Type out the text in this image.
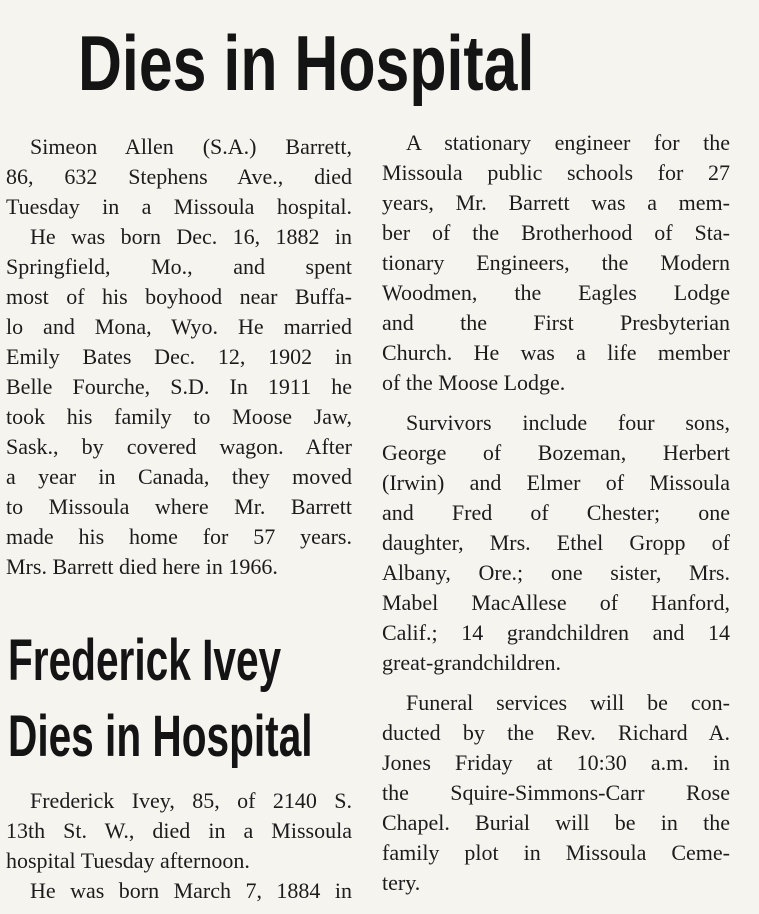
Dies in Hospital
Simeon Allen (S.A.) Barrett,
86, 632 Stephens Ave., died
Tuesday in a Missoula hospital.
He was born Dec. 16, 1882 in
Springfield, Mo., and spent
most of his boyhood near Buffa-
lo and Mona, Wyo. He married
Emily Bates Dec. 12, 1902 in
Belle Fourche, S.D. In 1911 he
took his family to Moose Jaw,
Sask., by covered wagon. After
a year in Canada, they moved
to Missoula where Mr. Barrett
made his home for 57 years.
Mrs. Barrett died here in 1966.
A stationary engineer for the
Missoula public schools for 27
years, Mr. Barrett was a mem-
ber of the Brotherhood of Sta-
tionary Engineers, the Modern
Woodmen, the Eagles Lodge
and the First Presbyterian
Church. He was a life member
of the Moose Lodge.
Survivors include four sons,
George of Bozeman, Herbert
(Irwin) and Elmer of Missoula
and Fred of Chester; one
daughter, Mrs. Ethel Gropp of
Albany, Ore.; one sister, Mrs.
Mabel MacAllese of Hanford,
Calif.; 14 grandchildren and 14
great-grandchildren.
Funeral services will be con-
ducted by the Rev. Richard A.
Jones Friday at 10:30 a.m. in
the Squire-Simmons-Carr Rose
Chapel. Burial will be in the
family plot in Missoula Ceme-
tery.
Frederick Ivey
Dies in Hospital
Frederick Ivey, 85, of 2140 S.
13th St. W., died in a Missoula
hospital Tuesday afternoon.
He was born March 7, 1884 in
